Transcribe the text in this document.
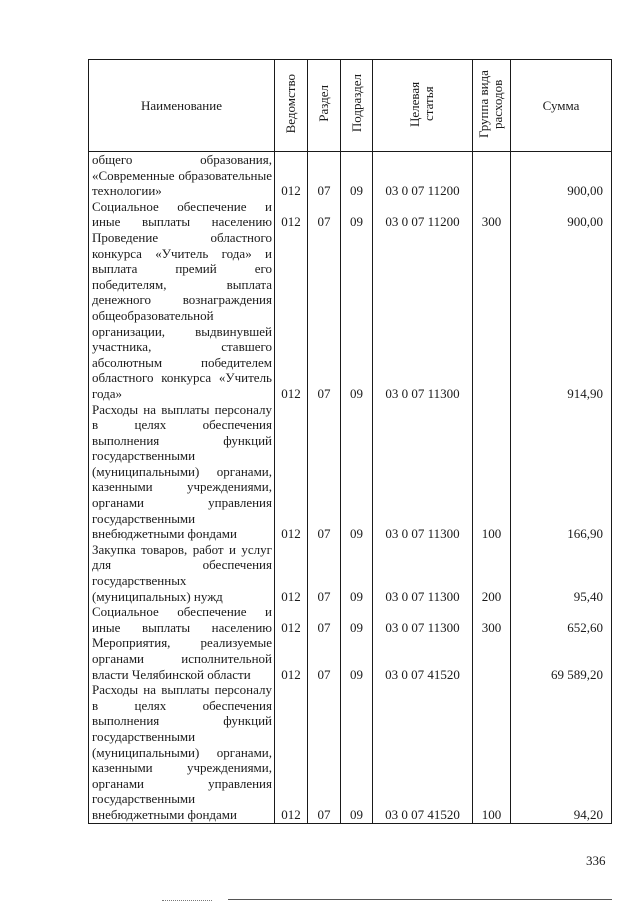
Наименование	Ведомство	Раздел	Подраздел	Целевая статья	Группа вида расходов	Сумма
общего образования, «Современные образовательные технологии»	012	07	09	03 0 07 11200		900,00
Социальное обеспечение и иные выплаты населению	012	07	09	03 0 07 11200	300	900,00
Проведение областного конкурса «Учитель года» и выплата премий его победителям, выплата денежного вознаграждения общеобразовательной организации, выдвинувшей участника, ставшего абсолютным победителем областного конкурса «Учитель года»	012	07	09	03 0 07 11300		914,90
Расходы на выплаты персоналу в целях обеспечения выполнения функций государственными (муниципальными) органами, казенными учреждениями, органами управления государственными внебюджетными фондами	012	07	09	03 0 07 11300	100	166,90
Закупка товаров, работ и услуг для обеспечения государственных (муниципальных) нужд	012	07	09	03 0 07 11300	200	95,40
Социальное обеспечение и иные выплаты населению	012	07	09	03 0 07 11300	300	652,60
Мероприятия, реализуемые органами исполнительной власти Челябинской области	012	07	09	03 0 07 41520		69 589,20
Расходы на выплаты персоналу в целях обеспечения выполнения функций государственными (муниципальными) органами, казенными учреждениями, органами управления государственными внебюджетными фондами	012	07	09	03 0 07 41520	100	94,20
336
